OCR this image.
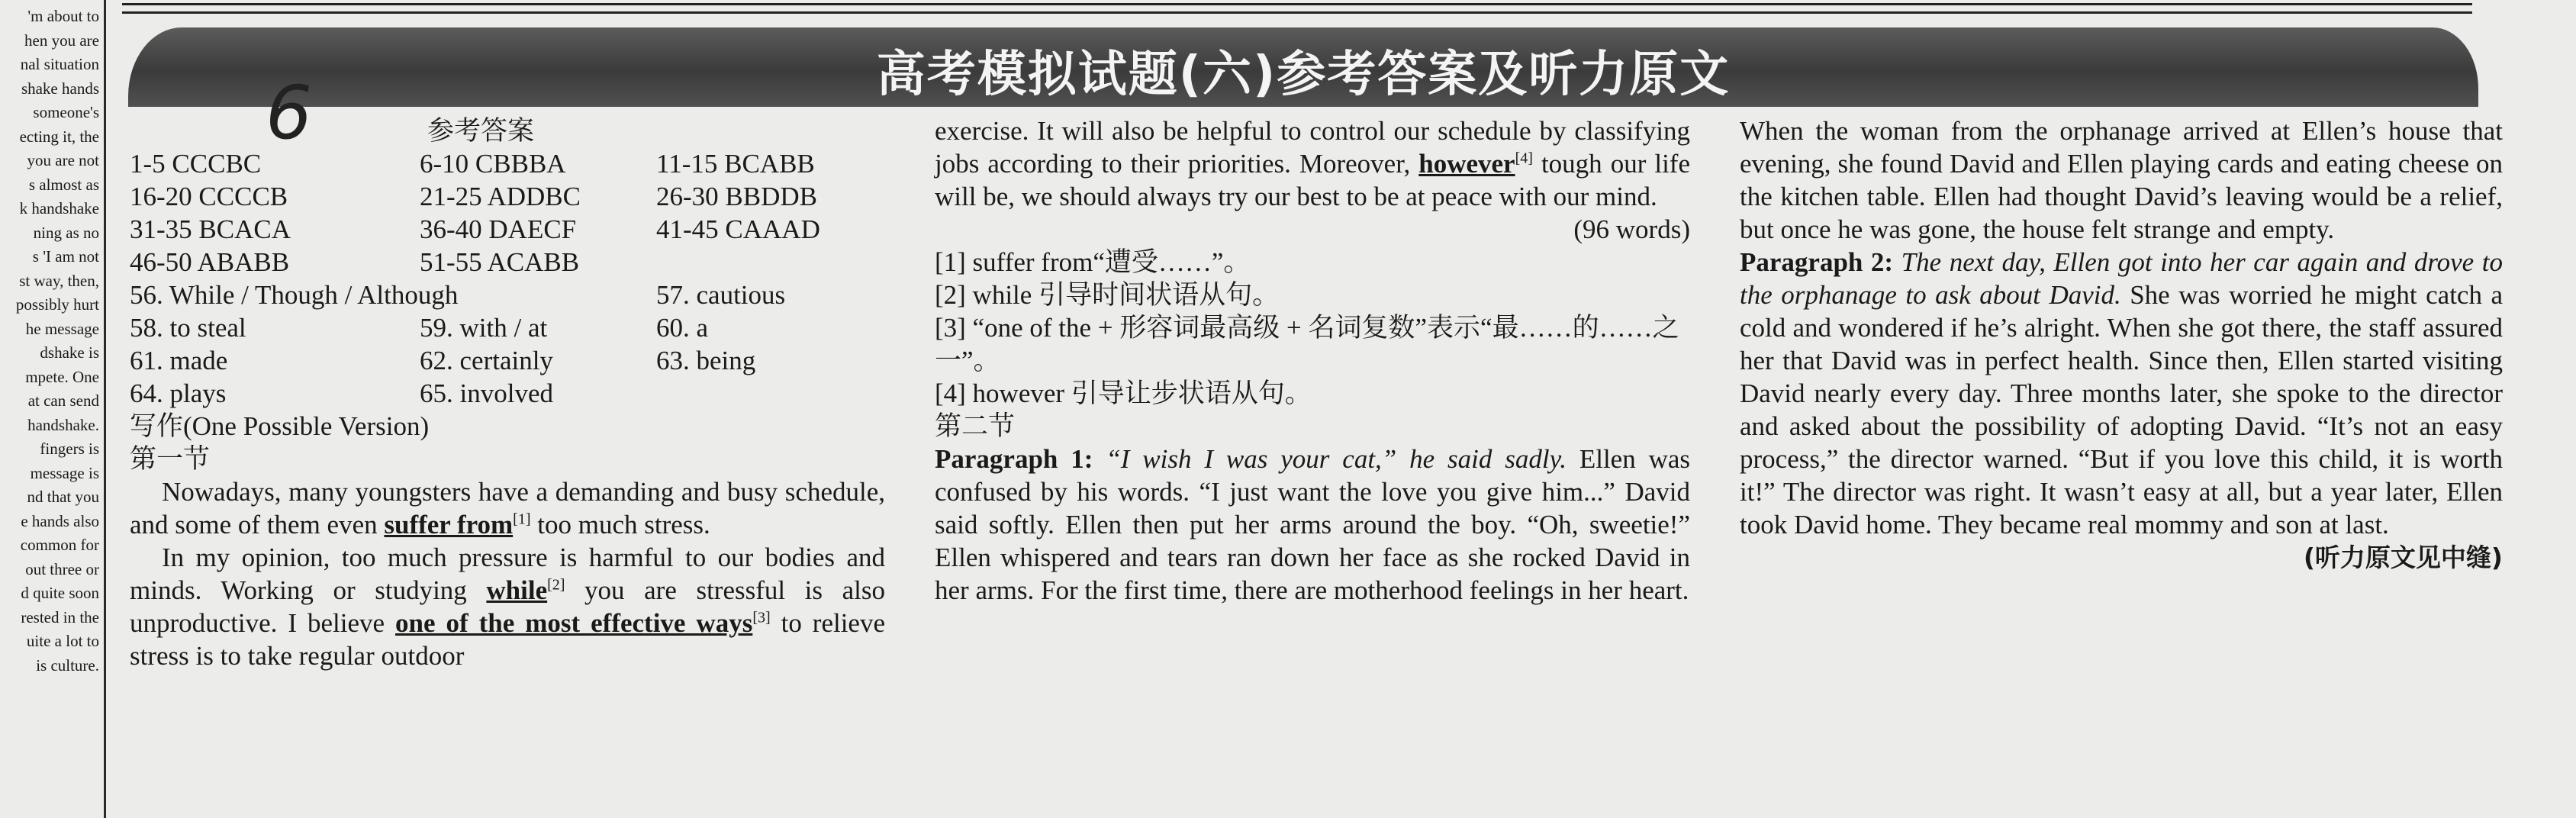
'm about to
hen you are
nal situation
shake hands
someone's
ecting it, the
you are not
s almost as
k handshake
ning as no
s 'I am not
st way, then,
possibly hurt
he message
dshake is
mpete. One
at can send
handshake.
fingers is
message is
nd that you
e hands also
common for
out three or
d quite soon
rested in the
uite a lot to
is culture.
高考模拟试题(六)参考答案及听力原文
6	参考答案
1-5 CCCBC	6-10 CBBBA	11-15 BCABB
16-20 CCCCB	21-25 ADDBC	26-30 BBDDB
31-35 BCACA	36-40 DAECF	41-45 CAAAD
46-50 ABABB	51-55 ACABB
56. While / Though / Although	57. cautious
58. to steal	59. with / at	60. a
61. made	62. certainly	63. being
64. plays	65. involved
写作(One Possible Version)
第一节

Nowadays, many youngsters have a demanding and busy schedule, and some of them even suffer from[1] too much stress.

In my opinion, too much pressure is harmful to our bodies and minds. Working or studying while[2] you are stressful is also unproductive. I believe one of the most effective ways[3] to relieve stress is to take regular outdoor

exercise. It will also be helpful to control our schedule by classifying jobs according to their priorities. Moreover, however[4] tough our life will be, we should always try our best to be at peace with our mind.

(96 words)
[1] suffer from“遭受……”。
[2] while 引导时间状语从句。
[3] “one of the + 形容词最高级 + 名词复数”表示“最……的……之一”。
[4] however 引导让步状语从句。
第二节

Paragraph 1: “I wish I was your cat,” he said sadly. Ellen was confused by his words. “I just want the love you give him...” David said softly. Ellen then put her arms around the boy. “Oh, sweetie!” Ellen whispered and tears ran down her face as she rocked David in her arms. For the first time, there are motherhood feelings in her heart.

When the woman from the orphanage arrived at Ellen’s house that evening, she found David and Ellen playing cards and eating cheese on the kitchen table. Ellen had thought David’s leaving would be a relief, but once he was gone, the house felt strange and empty.

Paragraph 2: The next day, Ellen got into her car again and drove to the orphanage to ask about David. She was worried he might catch a cold and wondered if he’s alright. When she got there, the staff assured her that David was in perfect health. Since then, Ellen started visiting David nearly every day. Three months later, she spoke to the director and asked about the possibility of adopting David. “It’s not an easy process,” the director warned. “But if you love this child, it is worth it!” The director was right. It wasn’t easy at all, but a year later, Ellen took David home. They became real mommy and son at last.

(听力原文见中缝)
